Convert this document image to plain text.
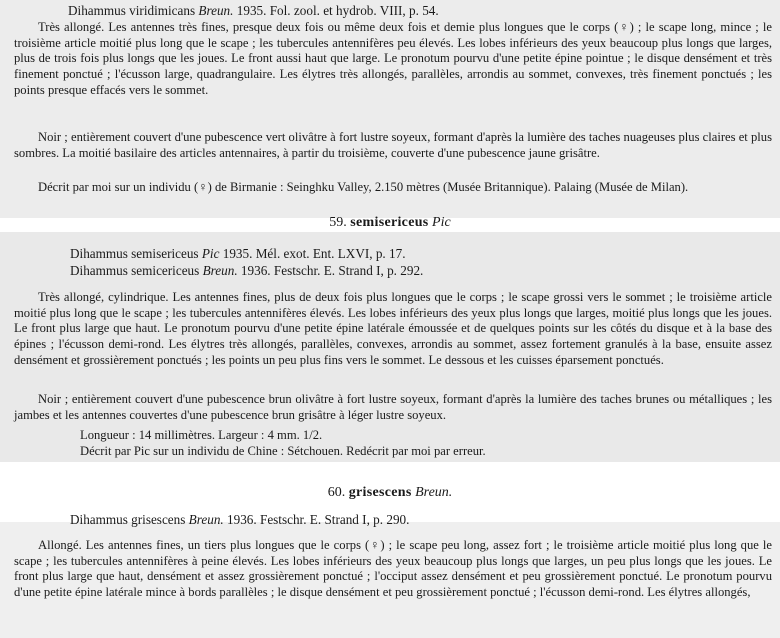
Dihammus viridimicans Breun. 1935. Fol. zool. et hydrob. VIII, p. 54.
Très allongé. Les antennes très fines, presque deux fois ou même deux fois et demie plus longues que le corps (♀) ; le scape long, mince ; le troisième article moitié plus long que le scape ; les tubercules antennifères peu élevés. Les lobes inférieurs des yeux beaucoup plus longs que larges, plus de trois fois plus longs que les joues. Le front aussi haut que large. Le pronotum pourvu d'une petite épine pointue ; le disque densément et très finement ponctué ; l'écusson large, quadrangulaire. Les élytres très allongés, parallèles, arrondis au sommet, convexes, très finement ponctués ; les points presque effacés vers le sommet.
Noir ; entièrement couvert d'une pubescence vert olivâtre à fort lustre soyeux, formant d'après la lumière des taches nuageuses plus claires et plus sombres. La moitié basilaire des articles antennaires, à partir du troisième, couverte d'une pubescence jaune grisâtre.
Décrit par moi sur un individu (♀) de Birmanie : Seinghku Valley, 2.150 mètres (Musée Britannique). Palaing (Musée de Milan).
59. semisericeus Pic
Dihammus semisericeus Pic 1935. Mél. exot. Ent. LXVI, p. 17.
Dihammus semicericeus Breun. 1936. Festschr. E. Strand I, p. 292.
Très allongé, cylindrique. Les antennes fines, plus de deux fois plus longues que le corps ; le scape grossi vers le sommet ; le troisième article moitié plus long que le scape ; les tubercules antennifères élevés. Les lobes inférieurs des yeux plus longs que larges, moitié plus longs que les joues. Le front plus large que haut. Le pronotum pourvu d'une petite épine latérale émoussée et de quelques points sur les côtés du disque et à la base des épines ; l'écusson demi-rond. Les élytres très allongés, parallèles, convexes, arrondis au sommet, assez fortement granulés à la base, ensuite assez densément et grossièrement ponctués ; les points un peu plus fins vers le sommet. Le dessous et les cuisses éparsement ponctués.
Noir ; entièrement couvert d'une pubescence brun olivâtre à fort lustre soyeux, formant d'après la lumière des taches brunes ou métalliques ; les jambes et les antennes couvertes d'une pubescence brun grisâtre à léger lustre soyeux.
Longueur : 14 millimètres. Largeur : 4 mm. 1/2.
Décrit par Pic sur un individu de Chine : Sétchouen. Redécrit par moi par erreur.
60. grisescens Breun.
Dihammus grisescens Breun. 1936. Festschr. E. Strand I, p. 290.
Allongé. Les antennes fines, un tiers plus longues que le corps (♀) ; le scape peu long, assez fort ; le troisième article moitié plus long que le scape ; les tubercules antennifères à peine élevés. Les lobes inférieurs des yeux beaucoup plus longs que larges, un peu plus longs que les joues. Le front plus large que haut, densément et assez grossièrement ponctué ; l'occiput assez densément et peu grossièrement ponctué. Le pronotum pourvu d'une petite épine latérale mince à bords parallèles ; le disque densément et peu grossièrement ponctué ; l'écusson demi-rond. Les élytres allongés,
